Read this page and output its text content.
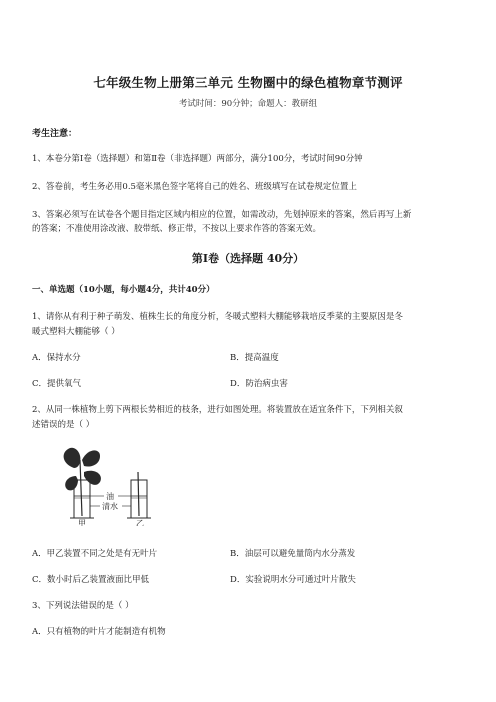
七年级生物上册第三单元 生物圈中的绿色植物章节测评
考试时间：90分钟；命题人：教研组
考生注意：
1、本卷分第Ⅰ卷（选择题）和第Ⅱ卷（非选择题）两部分，满分100分，考试时间90分钟
2、答卷前，考生务必用0.5毫米黑色签字笔将自己的姓名、班级填写在试卷规定位置上
3、答案必须写在试卷各个题目指定区域内相应的位置，如需改动，先划掉原来的答案，然后再写上新
的答案；不准使用涂改液、胶带纸、修正带，不按以上要求作答的答案无效。
第Ⅰ卷（选择题 40分）
一、单选题（10小题，每小题4分，共计40分）
1、请你从有利于种子萌发、植株生长的角度分析，冬暖式塑料大棚能够栽培反季菜的主要原因是冬
暖式塑料大棚能够（ ）
A．保持水分	B．提高温度
C．提供氧气	D．防治病虫害
2、从同一株植物上剪下两根长势相近的枝条，进行如图处理。将装置放在适宜条件下，下列相关叙
述错误的是（ ）
油
清水
甲	乙
A．甲乙装置不同之处是有无叶片	B．油层可以避免量筒内水分蒸发
C．数小时后乙装置液面比甲低	D．实验说明水分可通过叶片散失
3、下列说法错误的是（ ）
A．只有植物的叶片才能制造有机物
